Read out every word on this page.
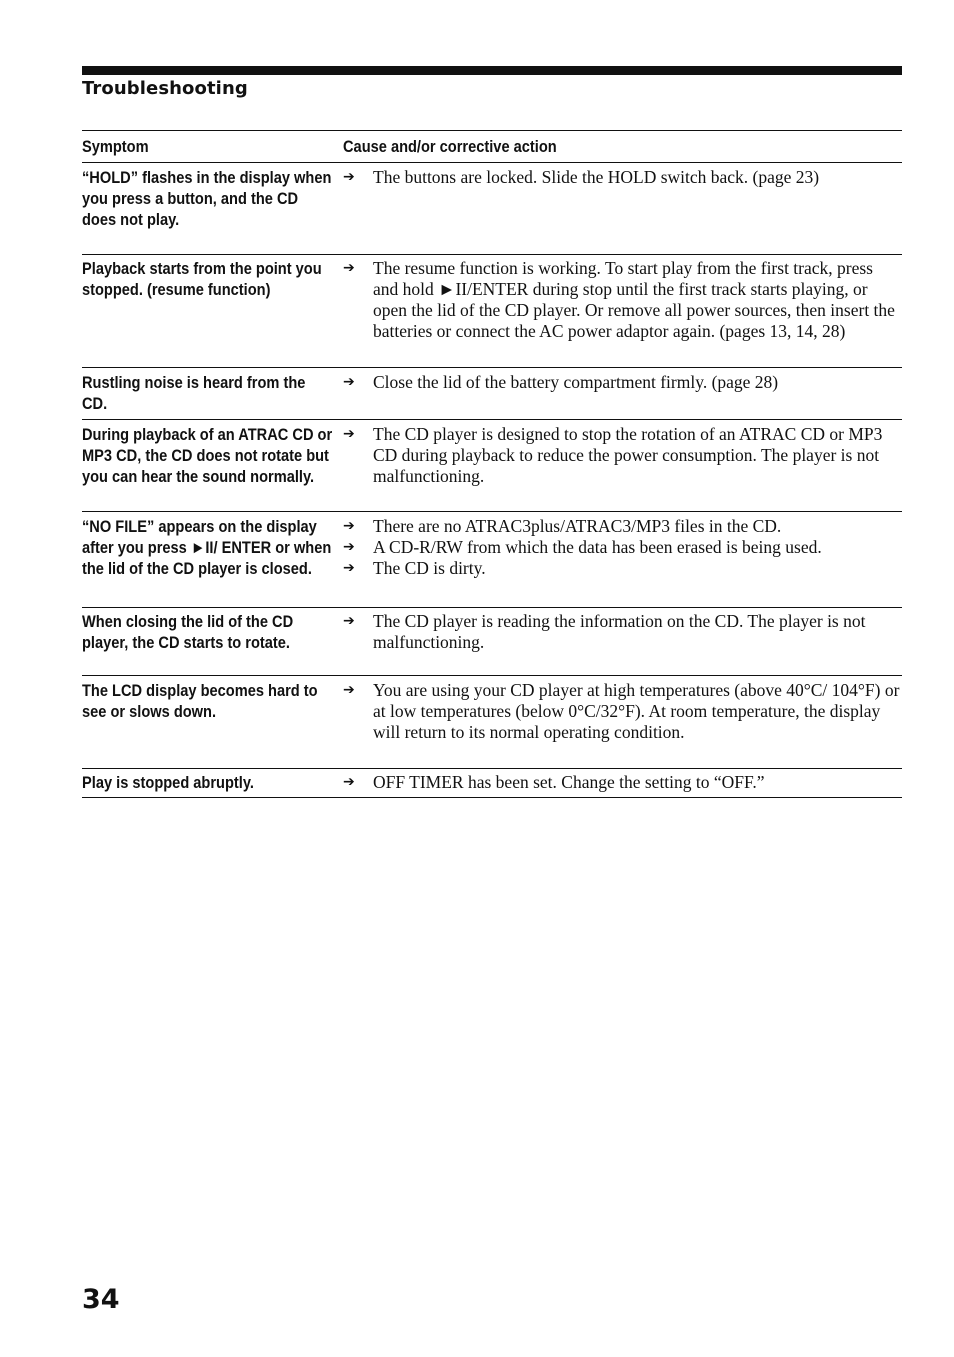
Troubleshooting
Symptom	Cause and/or corrective action
“HOLD” flashes in the display when you press a button, and the CD does not play.
➔	The buttons are locked. Slide the HOLD switch back. (page 23)
Playback starts from the point you stopped. (resume function)
➔	The resume function is working. To start play from the first track, press and hold ►II/ENTER during stop until the first track starts playing, or open the lid of the CD player. Or remove all power sources, then insert the batteries or connect the AC power adaptor again. (pages 13, 14, 28)
Rustling noise is heard from the CD.
➔	Close the lid of the battery compartment firmly. (page 28)
During playback of an ATRAC CD or MP3 CD, the CD does not rotate but you can hear the sound normally.
➔	The CD player is designed to stop the rotation of an ATRAC CD or MP3 CD during playback to reduce the power consumption. The player is not malfunctioning.
“NO FILE” appears on the display after you press ►II/ ENTER or when the lid of the CD player is closed.
➔	There are no ATRAC3plus/ATRAC3/MP3 files in the CD.
➔	A CD-R/RW from which the data has been erased is being used.
➔	The CD is dirty.
When closing the lid of the CD player, the CD starts to rotate.
➔	The CD player is reading the information on the CD. The player is not malfunctioning.
The LCD display becomes hard to see or slows down.
➔	You are using your CD player at high temperatures (above 40°C/ 104°F) or at low temperatures (below 0°C/32°F). At room temperature, the display will return to its normal operating condition.
Play is stopped abruptly.	➔	OFF TIMER has been set. Change the setting to “OFF.”
34
